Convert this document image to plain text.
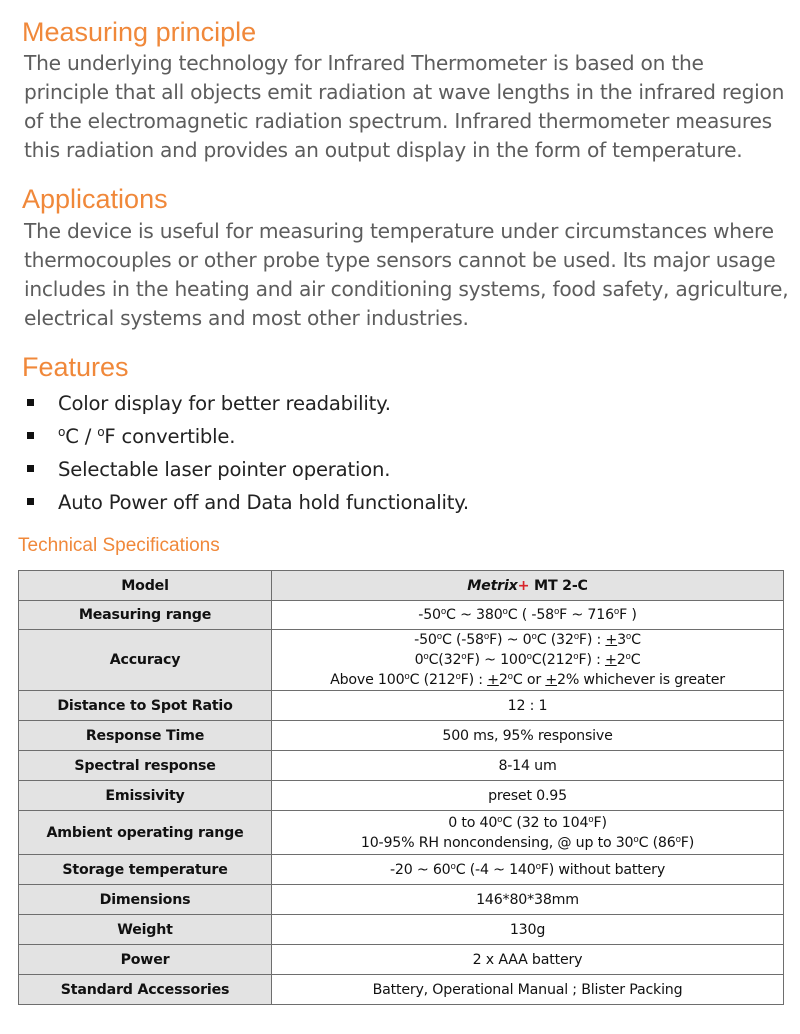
Measuring principle

The underlying technology for Infrared Thermometer is based on the
principle that all objects emit radiation at wave lengths in the infrared region
of the electromagnetic radiation spectrum. Infrared thermometer measures
this radiation and provides an output display in the form of temperature.

Applications

The device is useful for measuring temperature under circumstances where
thermocouples or other probe type sensors cannot be used. Its major usage
includes in the heating and air conditioning systems, food safety, agriculture,
electrical systems and most other industries.

Features
Color display for better readability.
$^o$C / $^o$F convertible.
Selectable laser pointer operation.
Auto Power off and Data hold functionality.
Technical Specifications
Model	Metrix+ MT 2-C
Measuring range	-50$^o$C ~ 380$^o$C ( -58$^o$F ~ 716$^o$F )

Accuracy	-50$^o$C (-58$^o$F) ~ 0$^o$C (32$^o$F) : $+3^oC$
0$^o$C(32$^o$F) ~ 100$^o$C(212$^o$F) : $+2^oC$
Above 100$^o$C (212$^o$F) : $+2^oC$ or +2% whichever is greater

Distance to Spot Ratio	12 : 1

Response Time	500 ms, 95% responsive

Spectral response	8-14 um

Emissivity	preset 0.95

Ambient operating range	0 to 40$^o$C (32 to 104$^o$F)
10-95% RH noncondensing, @ up to 30$^o$C (86$^o$F)

Storage temperature	-20 ~ 60$^o$C (-4 ~ 140$^o$F) without battery

Dimensions	146*80*38mm

Weight	130g

Power	2 x AAA battery

Standard Accessories	Battery, Operational Manual ; Blister Packing
